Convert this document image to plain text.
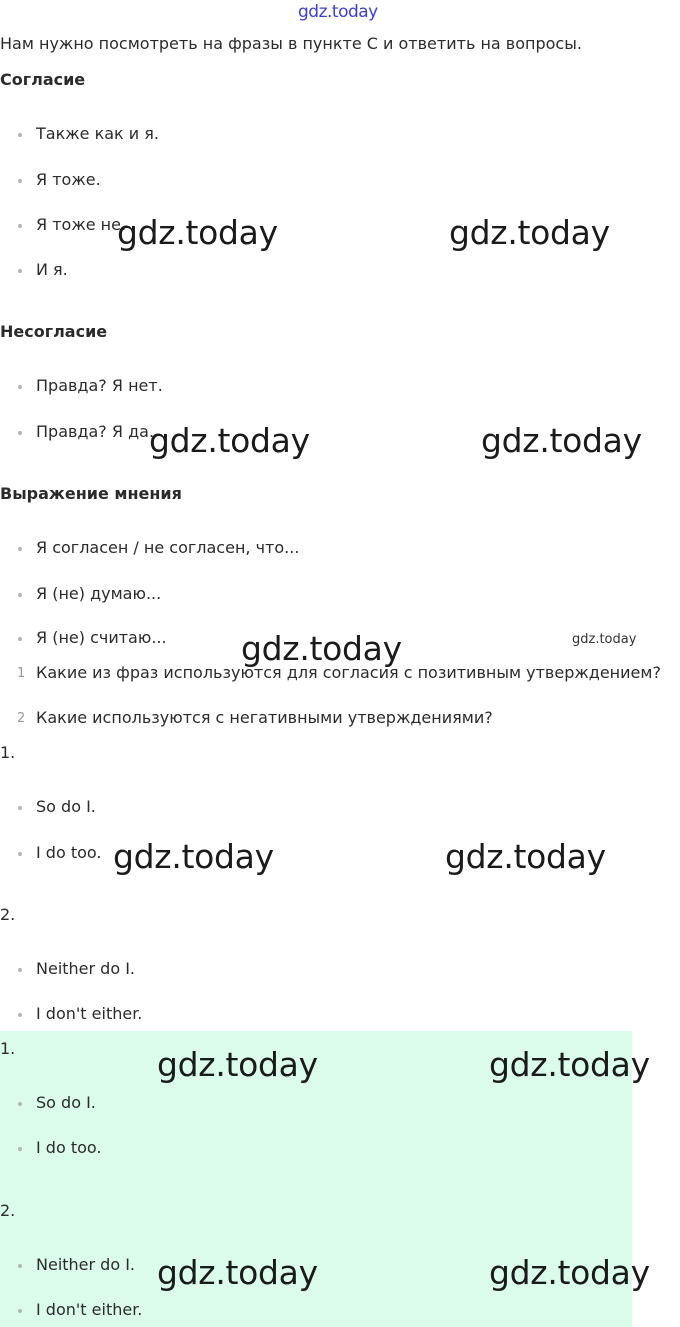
gdz.today
Нам нужно посмотреть на фразы в пункте C и ответить на вопросы.
Согласие
Также как и я.
Я тоже.
Я тоже не.
И я.
Несогласие
Правда? Я нет.
Правда? Я да.
Выражение мнения
Я согласен / не согласен, что...
Я (не) думаю...
Я (не) считаю...
1 Какие из фраз используются для согласия с позитивным утверждением?
2 Какие используются с негативными утверждениями?
1.
So do I.
I do too.
2.
Neither do I.
I don't either.
1.
So do I.
I do too.
2.
Neither do I.
I don't either.
gdz.today	gdz.today
gdz.today	gdz.today
gdz.today	gdz.today
gdz.today	gdz.today
gdz.today	gdz.today
gdz.today	gdz.today
